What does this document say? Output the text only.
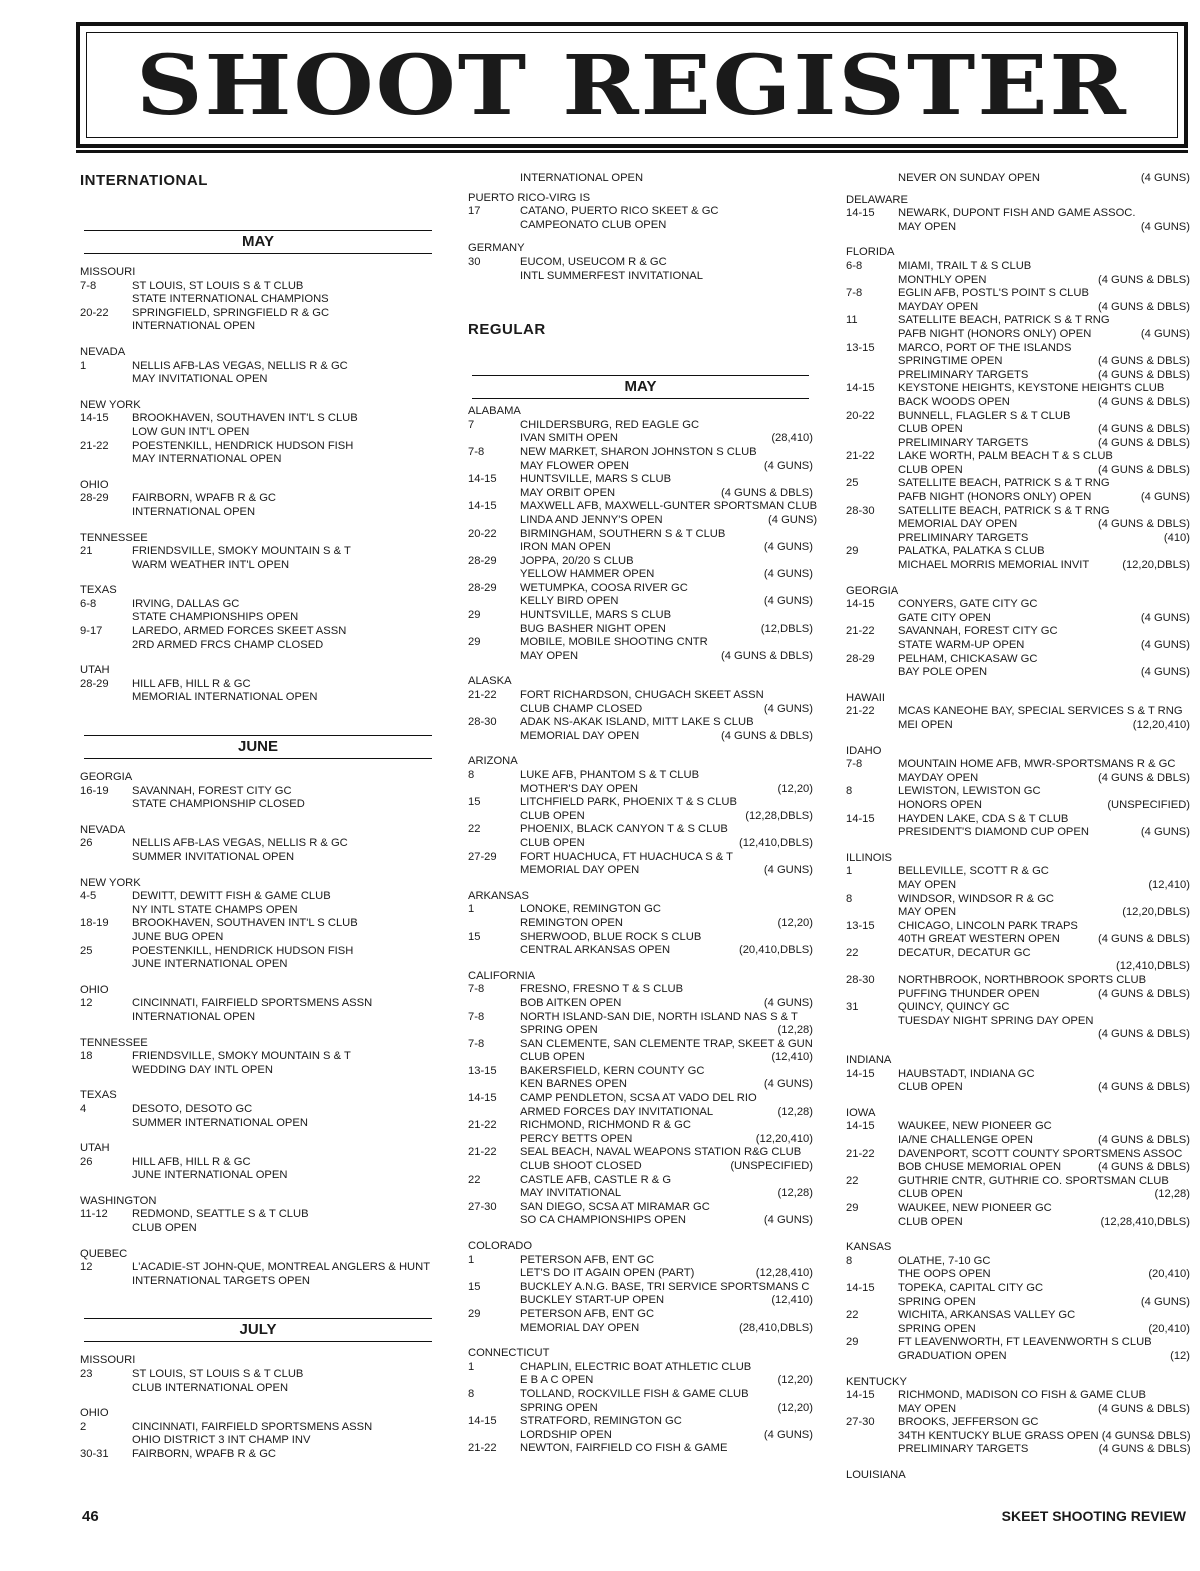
SHOOT REGISTER
INTERNATIONAL
MAY
MISSOURI
7-8	ST LOUIS, ST LOUIS S & T CLUB
STATE INTERNATIONAL CHAMPIONS
20-22	SPRINGFIELD, SPRINGFIELD R & GC
INTERNATIONAL OPEN
NEVADA
1	NELLIS AFB-LAS VEGAS, NELLIS R & GC
MAY INVITATIONAL OPEN
NEW YORK
14-15	BROOKHAVEN, SOUTHAVEN INT'L S CLUB
LOW GUN INT'L OPEN
21-22	POESTENKILL, HENDRICK HUDSON FISH
MAY INTERNATIONAL OPEN
OHIO
28-29	FAIRBORN, WPAFB R & GC
INTERNATIONAL OPEN
TENNESSEE
21	FRIENDSVILLE, SMOKY MOUNTAIN S & T
WARM WEATHER INT'L OPEN
TEXAS
6-8	IRVING, DALLAS GC
STATE CHAMPIONSHIPS OPEN
9-17	LAREDO, ARMED FORCES SKEET ASSN
2RD ARMED FRCS CHAMP CLOSED
UTAH
28-29	HILL AFB, HILL R & GC
MEMORIAL INTERNATIONAL OPEN
JUNE
GEORGIA
16-19	SAVANNAH, FOREST CITY GC
STATE CHAMPIONSHIP CLOSED
NEVADA
26	NELLIS AFB-LAS VEGAS, NELLIS R & GC
SUMMER INVITATIONAL OPEN
NEW YORK
4-5	DEWITT, DEWITT FISH & GAME CLUB
NY INTL STATE CHAMPS OPEN
18-19	BROOKHAVEN, SOUTHAVEN INT'L S CLUB
JUNE BUG OPEN
25	POESTENKILL, HENDRICK HUDSON FISH
JUNE INTERNATIONAL OPEN
OHIO
12	CINCINNATI, FAIRFIELD SPORTSMENS ASSN
INTERNATIONAL OPEN
TENNESSEE
18	FRIENDSVILLE, SMOKY MOUNTAIN S & T
WEDDING DAY INTL OPEN
TEXAS
4	DESOTO, DESOTO GC
SUMMER INTERNATIONAL OPEN
UTAH
26	HILL AFB, HILL R & GC
JUNE INTERNATIONAL OPEN
WASHINGTON
11-12	REDMOND, SEATTLE S & T CLUB
CLUB OPEN
QUEBEC
12	L'ACADIE-ST JOHN-QUE, MONTREAL ANGLERS & HUNT
INTERNATIONAL TARGETS OPEN
JULY
MISSOURI
23	ST LOUIS, ST LOUIS S & T CLUB
CLUB INTERNATIONAL OPEN
OHIO
2	CINCINNATI, FAIRFIELD SPORTSMENS ASSN
OHIO DISTRICT 3 INT CHAMP INV
30-31	FAIRBORN, WPAFB R & GC
INTERNATIONAL OPEN
PUERTO RICO-VIRG IS
17	CATANO, PUERTO RICO SKEET & GC
CAMPEONATO CLUB OPEN
GERMANY
30	EUCOM, USEUCOM R & GC
INTL SUMMERFEST INVITATIONAL
REGULAR
MAY
ALABAMA
7	CHILDERSBURG, RED EAGLE GC
IVAN SMITH OPEN	(28,410)
7-8	NEW MARKET, SHARON JOHNSTON S CLUB
MAY FLOWER OPEN	(4 GUNS)
14-15	HUNTSVILLE, MARS S CLUB
MAY ORBIT OPEN	(4 GUNS & DBLS)
14-15	MAXWELL AFB, MAXWELL-GUNTER SPORTSMAN CLUB
LINDA AND JENNY'S OPEN	(4 GUNS)
20-22	BIRMINGHAM, SOUTHERN S & T CLUB
IRON MAN OPEN	(4 GUNS)
28-29	JOPPA, 20/20 S CLUB
YELLOW HAMMER OPEN	(4 GUNS)
28-29	WETUMPKA, COOSA RIVER GC
KELLY BIRD OPEN	(4 GUNS)
29	HUNTSVILLE, MARS S CLUB
BUG BASHER NIGHT OPEN	(12,DBLS)
29	MOBILE, MOBILE SHOOTING CNTR
MAY OPEN	(4 GUNS & DBLS)
ALASKA
21-22	FORT RICHARDSON, CHUGACH SKEET ASSN
CLUB CHAMP CLOSED	(4 GUNS)
28-30	ADAK NS-AKAK ISLAND, MITT LAKE S CLUB
MEMORIAL DAY OPEN	(4 GUNS & DBLS)
ARIZONA
8	LUKE AFB, PHANTOM S & T CLUB
MOTHER'S DAY OPEN	(12,20)
15	LITCHFIELD PARK, PHOENIX T & S CLUB
CLUB OPEN	(12,28,DBLS)
22	PHOENIX, BLACK CANYON T & S CLUB
CLUB OPEN	(12,410,DBLS)
27-29	FORT HUACHUCA, FT HUACHUCA S & T
MEMORIAL DAY OPEN	(4 GUNS)
ARKANSAS
1	LONOKE, REMINGTON GC
REMINGTON OPEN	(12,20)
15	SHERWOOD, BLUE ROCK S CLUB
CENTRAL ARKANSAS OPEN	(20,410,DBLS)
CALIFORNIA
7-8	FRESNO, FRESNO T & S CLUB
BOB AITKEN OPEN	(4 GUNS)
7-8	NORTH ISLAND-SAN DIE, NORTH ISLAND NAS S & T
SPRING OPEN	(12,28)
7-8	SAN CLEMENTE, SAN CLEMENTE TRAP, SKEET & GUN
CLUB OPEN	(12,410)
13-15	BAKERSFIELD, KERN COUNTY GC
KEN BARNES OPEN	(4 GUNS)
14-15	CAMP PENDLETON, SCSA AT VADO DEL RIO
ARMED FORCES DAY INVITATIONAL	(12,28)
21-22	RICHMOND, RICHMOND R & GC
PERCY BETTS OPEN	(12,20,410)
21-22	SEAL BEACH, NAVAL WEAPONS STATION R&G CLUB
CLUB SHOOT CLOSED	(UNSPECIFIED)
22	CASTLE AFB, CASTLE R & G
MAY INVITATIONAL	(12,28)
27-30	SAN DIEGO, SCSA AT MIRAMAR GC
SO CA CHAMPIONSHIPS OPEN	(4 GUNS)
COLORADO
1	PETERSON AFB, ENT GC
LET'S DO IT AGAIN OPEN (PART)	(12,28,410)
15	BUCKLEY A.N.G. BASE, TRI SERVICE SPORTSMANS C
BUCKLEY START-UP OPEN	(12,410)
29	PETERSON AFB, ENT GC
MEMORIAL DAY OPEN	(28,410,DBLS)
CONNECTICUT
1	CHAPLIN, ELECTRIC BOAT ATHLETIC CLUB
E B A C OPEN	(12,20)
8	TOLLAND, ROCKVILLE FISH & GAME CLUB
SPRING OPEN	(12,20)
14-15	STRATFORD, REMINGTON GC
LORDSHIP OPEN	(4 GUNS)
21-22	NEWTON, FAIRFIELD CO FISH & GAME
NEVER ON SUNDAY OPEN	(4 GUNS)
DELAWARE
14-15	NEWARK, DUPONT FISH AND GAME ASSOC.
MAY OPEN	(4 GUNS)
FLORIDA
6-8	MIAMI, TRAIL T & S CLUB
MONTHLY OPEN	(4 GUNS & DBLS)
7-8	EGLIN AFB, POSTL'S POINT S CLUB
MAYDAY OPEN	(4 GUNS & DBLS)
11	SATELLITE BEACH, PATRICK S & T RNG
PAFB NIGHT (HONORS ONLY) OPEN	(4 GUNS)
13-15	MARCO, PORT OF THE ISLANDS
SPRINGTIME OPEN	(4 GUNS & DBLS)
PRELIMINARY TARGETS	(4 GUNS & DBLS)
14-15	KEYSTONE HEIGHTS, KEYSTONE HEIGHTS CLUB
BACK WOODS OPEN	(4 GUNS & DBLS)
20-22	BUNNELL, FLAGLER S & T CLUB
CLUB OPEN	(4 GUNS & DBLS)
PRELIMINARY TARGETS	(4 GUNS & DBLS)
21-22	LAKE WORTH, PALM BEACH T & S CLUB
CLUB OPEN	(4 GUNS & DBLS)
25	SATELLITE BEACH, PATRICK S & T RNG
PAFB NIGHT (HONORS ONLY) OPEN	(4 GUNS)
28-30	SATELLITE BEACH, PATRICK S & T RNG
MEMORIAL DAY OPEN	(4 GUNS & DBLS)
PRELIMINARY TARGETS	(410)
29	PALATKA, PALATKA S CLUB
MICHAEL MORRIS MEMORIAL INVIT	(12,20,DBLS)
GEORGIA
14-15	CONYERS, GATE CITY GC
GATE CITY OPEN	(4 GUNS)
21-22	SAVANNAH, FOREST CITY GC
STATE WARM-UP OPEN	(4 GUNS)
28-29	PELHAM, CHICKASAW GC
BAY POLE OPEN	(4 GUNS)
HAWAII
21-22	MCAS KANEOHE BAY, SPECIAL SERVICES S & T RNG
MEI OPEN	(12,20,410)
IDAHO
7-8	MOUNTAIN HOME AFB, MWR-SPORTSMANS R & GC
MAYDAY OPEN	(4 GUNS & DBLS)
8	LEWISTON, LEWISTON GC
HONORS OPEN	(UNSPECIFIED)
14-15	HAYDEN LAKE, CDA S & T CLUB
PRESIDENT'S DIAMOND CUP OPEN	(4 GUNS)
ILLINOIS
1	BELLEVILLE, SCOTT R & GC
MAY OPEN	(12,410)
8	WINDSOR, WINDSOR R & GC
MAY OPEN	(12,20,DBLS)
13-15	CHICAGO, LINCOLN PARK TRAPS
40TH GREAT WESTERN OPEN	(4 GUNS & DBLS)
22	DECATUR, DECATUR GC
(12,410,DBLS)
28-30	NORTHBROOK, NORTHBROOK SPORTS CLUB
PUFFING THUNDER OPEN	(4 GUNS & DBLS)
31	QUINCY, QUINCY GC
TUESDAY NIGHT SPRING DAY OPEN
(4 GUNS & DBLS)
INDIANA
14-15	HAUBSTADT, INDIANA GC
CLUB OPEN	(4 GUNS & DBLS)
IOWA
14-15	WAUKEE, NEW PIONEER GC
IA/NE CHALLENGE OPEN	(4 GUNS & DBLS)
21-22	DAVENPORT, SCOTT COUNTY SPORTSMENS ASSOC
BOB CHUSE MEMORIAL OPEN	(4 GUNS & DBLS)
22	GUTHRIE CNTR, GUTHRIE CO. SPORTSMAN CLUB
CLUB OPEN	(12,28)
29	WAUKEE, NEW PIONEER GC
CLUB OPEN	(12,28,410,DBLS)
KANSAS
8	OLATHE, 7-10 GC
THE OOPS OPEN	(20,410)
14-15	TOPEKA, CAPITAL CITY GC
SPRING OPEN	(4 GUNS)
22	WICHITA, ARKANSAS VALLEY GC
SPRING OPEN	(20,410)
29	FT LEAVENWORTH, FT LEAVENWORTH S CLUB
GRADUATION OPEN	(12)
KENTUCKY
14-15	RICHMOND, MADISON CO FISH & GAME CLUB
MAY OPEN	(4 GUNS & DBLS)
27-30	BROOKS, JEFFERSON GC
34TH KENTUCKY BLUE GRASS OPEN (4 GUNS& DBLS)
PRELIMINARY TARGETS	(4 GUNS & DBLS)
LOUISIANA
46	SKEET SHOOTING REVIEW
